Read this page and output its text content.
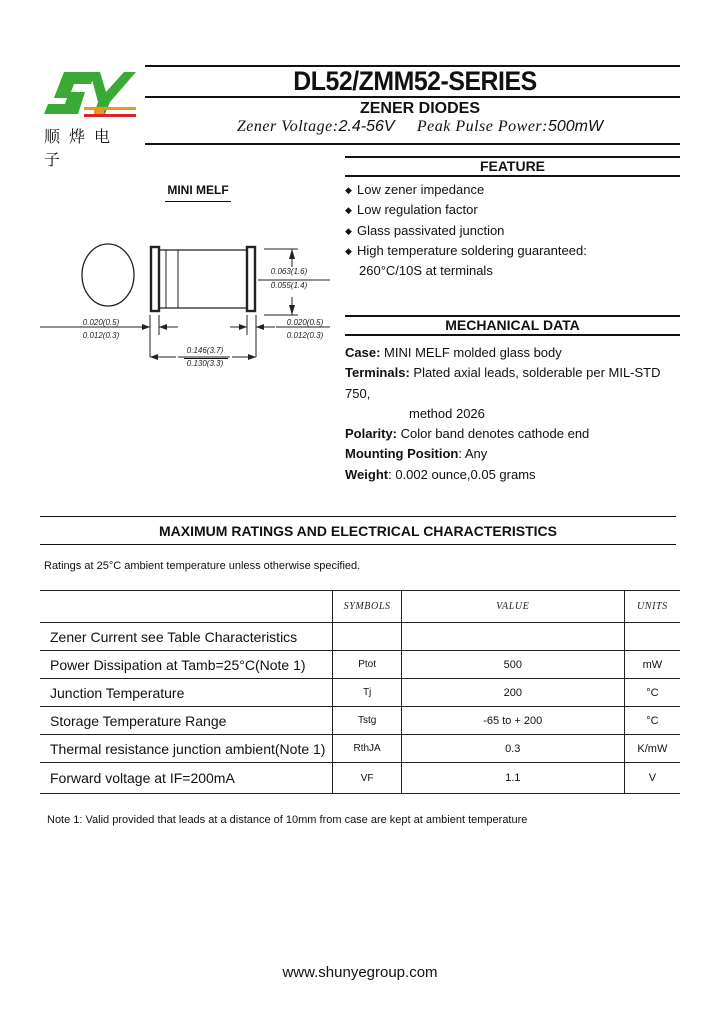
顺烨电子
DL52/ZMM52-SERIES
ZENER DIODES
Zener Voltage:2.4-56V Peak Pulse Power:500mW
MINI MELF
0.063(1.6)
0.055(1.4)
0.020(0.5)
0.012(0.3)
0.020(0.5)
0.012(0.3)
0.146(3.7)
0.130(3.3)
FEATURE
◆ Low zener impedance
◆ Low regulation factor
◆ Glass passivated junction
◆ High temperature soldering guaranteed:
260°C/10S at terminals
MECHANICAL DATA
Case: MINI MELF molded glass body
Terminals: Plated axial leads, solderable per MIL-STD 750,
method 2026
Polarity: Color band denotes cathode end
Mounting Position: Any
Weight: 0.002 ounce,0.05 grams
MAXIMUM RATINGS AND ELECTRICAL CHARACTERISTICS
Ratings at 25°C ambient temperature unless otherwise specified.
	SYMBOLS	VALUE	UNITS
Zener Current see Table Characteristics			
Power Dissipation at Tamb=25°C(Note 1)	Ptot	500	mW
Junction Temperature	Tj	200	°C
Storage Temperature Range	Tstg	-65 to + 200	°C
Thermal resistance junction ambient(Note 1)	RthJA	0.3	K/mW
Forward voltage at IF=200mA	VF	1.1	V
Note 1: Valid provided that leads at a distance of 10mm from case are kept at ambient temperature
www.shunyegroup.com
